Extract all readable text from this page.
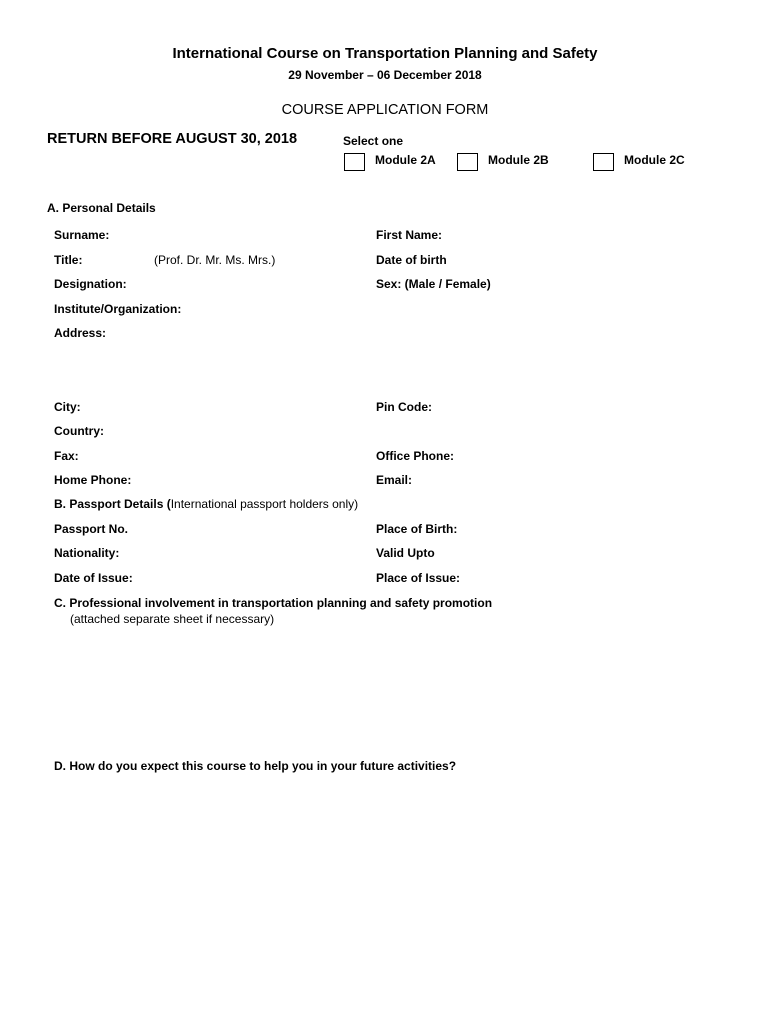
International Course on Transportation Planning and Safety
29 November – 06 December 2018
COURSE APPLICATION FORM
RETURN BEFORE AUGUST 30, 2018	Select one
Module 2A	Module 2B	Module 2C
A. Personal Details
Surname:	First Name:
Title:	(Prof. Dr. Mr. Ms. Mrs.)	Date of birth
Designation:	Sex: (Male / Female)
Institute/Organization:
Address:
City:	Pin Code:
Country:
Fax:	Office Phone:
Home Phone:	Email:
B. Passport Details (International passport holders only)
Passport No.	Place of Birth:
Nationality:	Valid Upto
Date of Issue:	Place of Issue:
C. Professional involvement in transportation planning and safety promotion
(attached separate sheet if necessary)
D. How do you expect this course to help you in your future activities?
